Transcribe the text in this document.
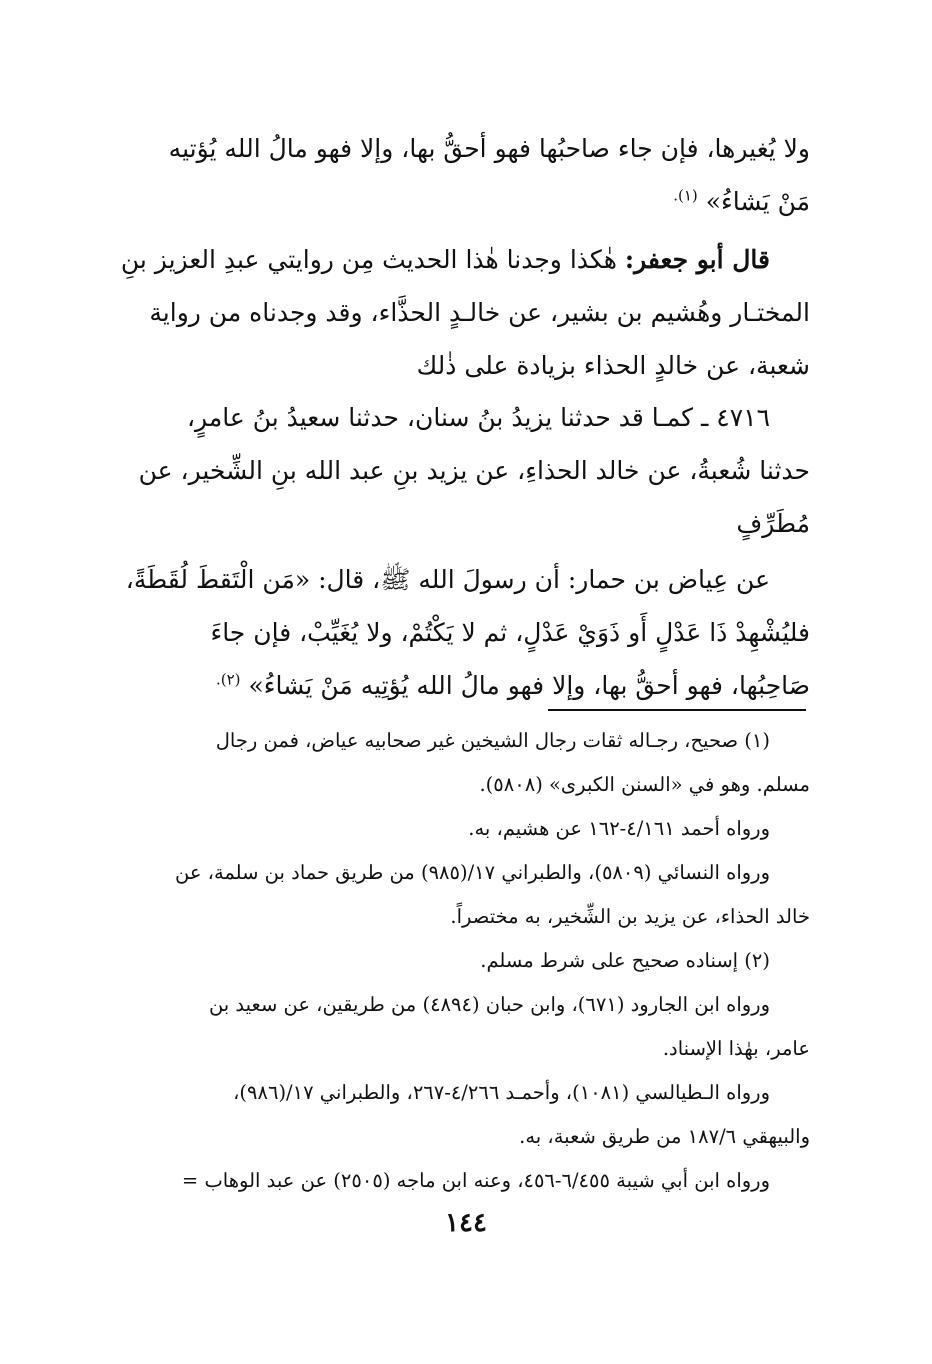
ولا يُغيرها، فإن جاء صاحبُها فهو أحقُّ بها، وإلا فهو مالُ الله يُؤتيه
مَنْ يَشاءُ» $^{(١).}$
قال أبو جعفر: هٰكذا وجدنا هٰذا الحديث مِن روايتي عبدِ العزيز بنِ
المختـار وهُشيم بن بشير، عن خالـدٍ الحذَّاء، وقد وجدناه من رواية
شعبة، عن خالدٍ الحذاء بزيادة على ذٰلك
٤٧١٦ ـ كمـا قد حدثنا يزيدُ بنُ سنان، حدثنا سعيدُ بنُ عامرٍ،
حدثنا شُعبةُ، عن خالد الحذاءِ، عن يزيد بنِ عبد الله بنِ الشِّخير، عن
مُطَرِّفٍ
عن عِياض بن حمار: أن رسولَ الله ﷺ، قال: «مَن الْتَقطَ لُقَطَةً،
فليُشْهِدْ ذَا عَدْلٍ أَو ذَوَيْ عَدْلٍ، ثم لا يَكْتُمْ، ولا يُغَيِّبْ، فإن جاءَ
صَاحِبُها، فهو أحقُّ بها، وإلا فهو مالُ الله يُؤتِيه مَنْ يَشاءُ» $^{(٢).}$
(١) صحيح، رجـاله ثقات رجال الشيخين غير صحابيه عياض، فمن رجال
مسلم. وهو في «السنن الكبرى» (٥٨٠٨).
ورواه أحمد ٤/١٦١-١٦٢ عن هشيم، به.
ورواه النسائي (٥٨٠٩)، والطبراني ١٧/(٩٨٥) من طريق حماد بن سلمة، عن
خالد الحذاء، عن يزيد بن الشِّخير، به مختصراً.
(٢) إسناده صحيح على شرط مسلم.
ورواه ابن الجارود (٦٧١)، وابن حبان (٤٨٩٤) من طريقين، عن سعيد بن
عامر، بهٰذا الإسناد.
ورواه الـطيالسي (١٠٨١)، وأحمـد ٤/٢٦٦-٢٦٧، والطبراني ١٧/(٩٨٦)،
والبيهقي ١٨٧/٦ من طريق شعبة، به.
ورواه ابن أبي شيبة ٦/٤٥٥-٤٥٦، وعنه ابن ماجه (٢٥٠٥) عن عبد الوهاب =
١٤٤
